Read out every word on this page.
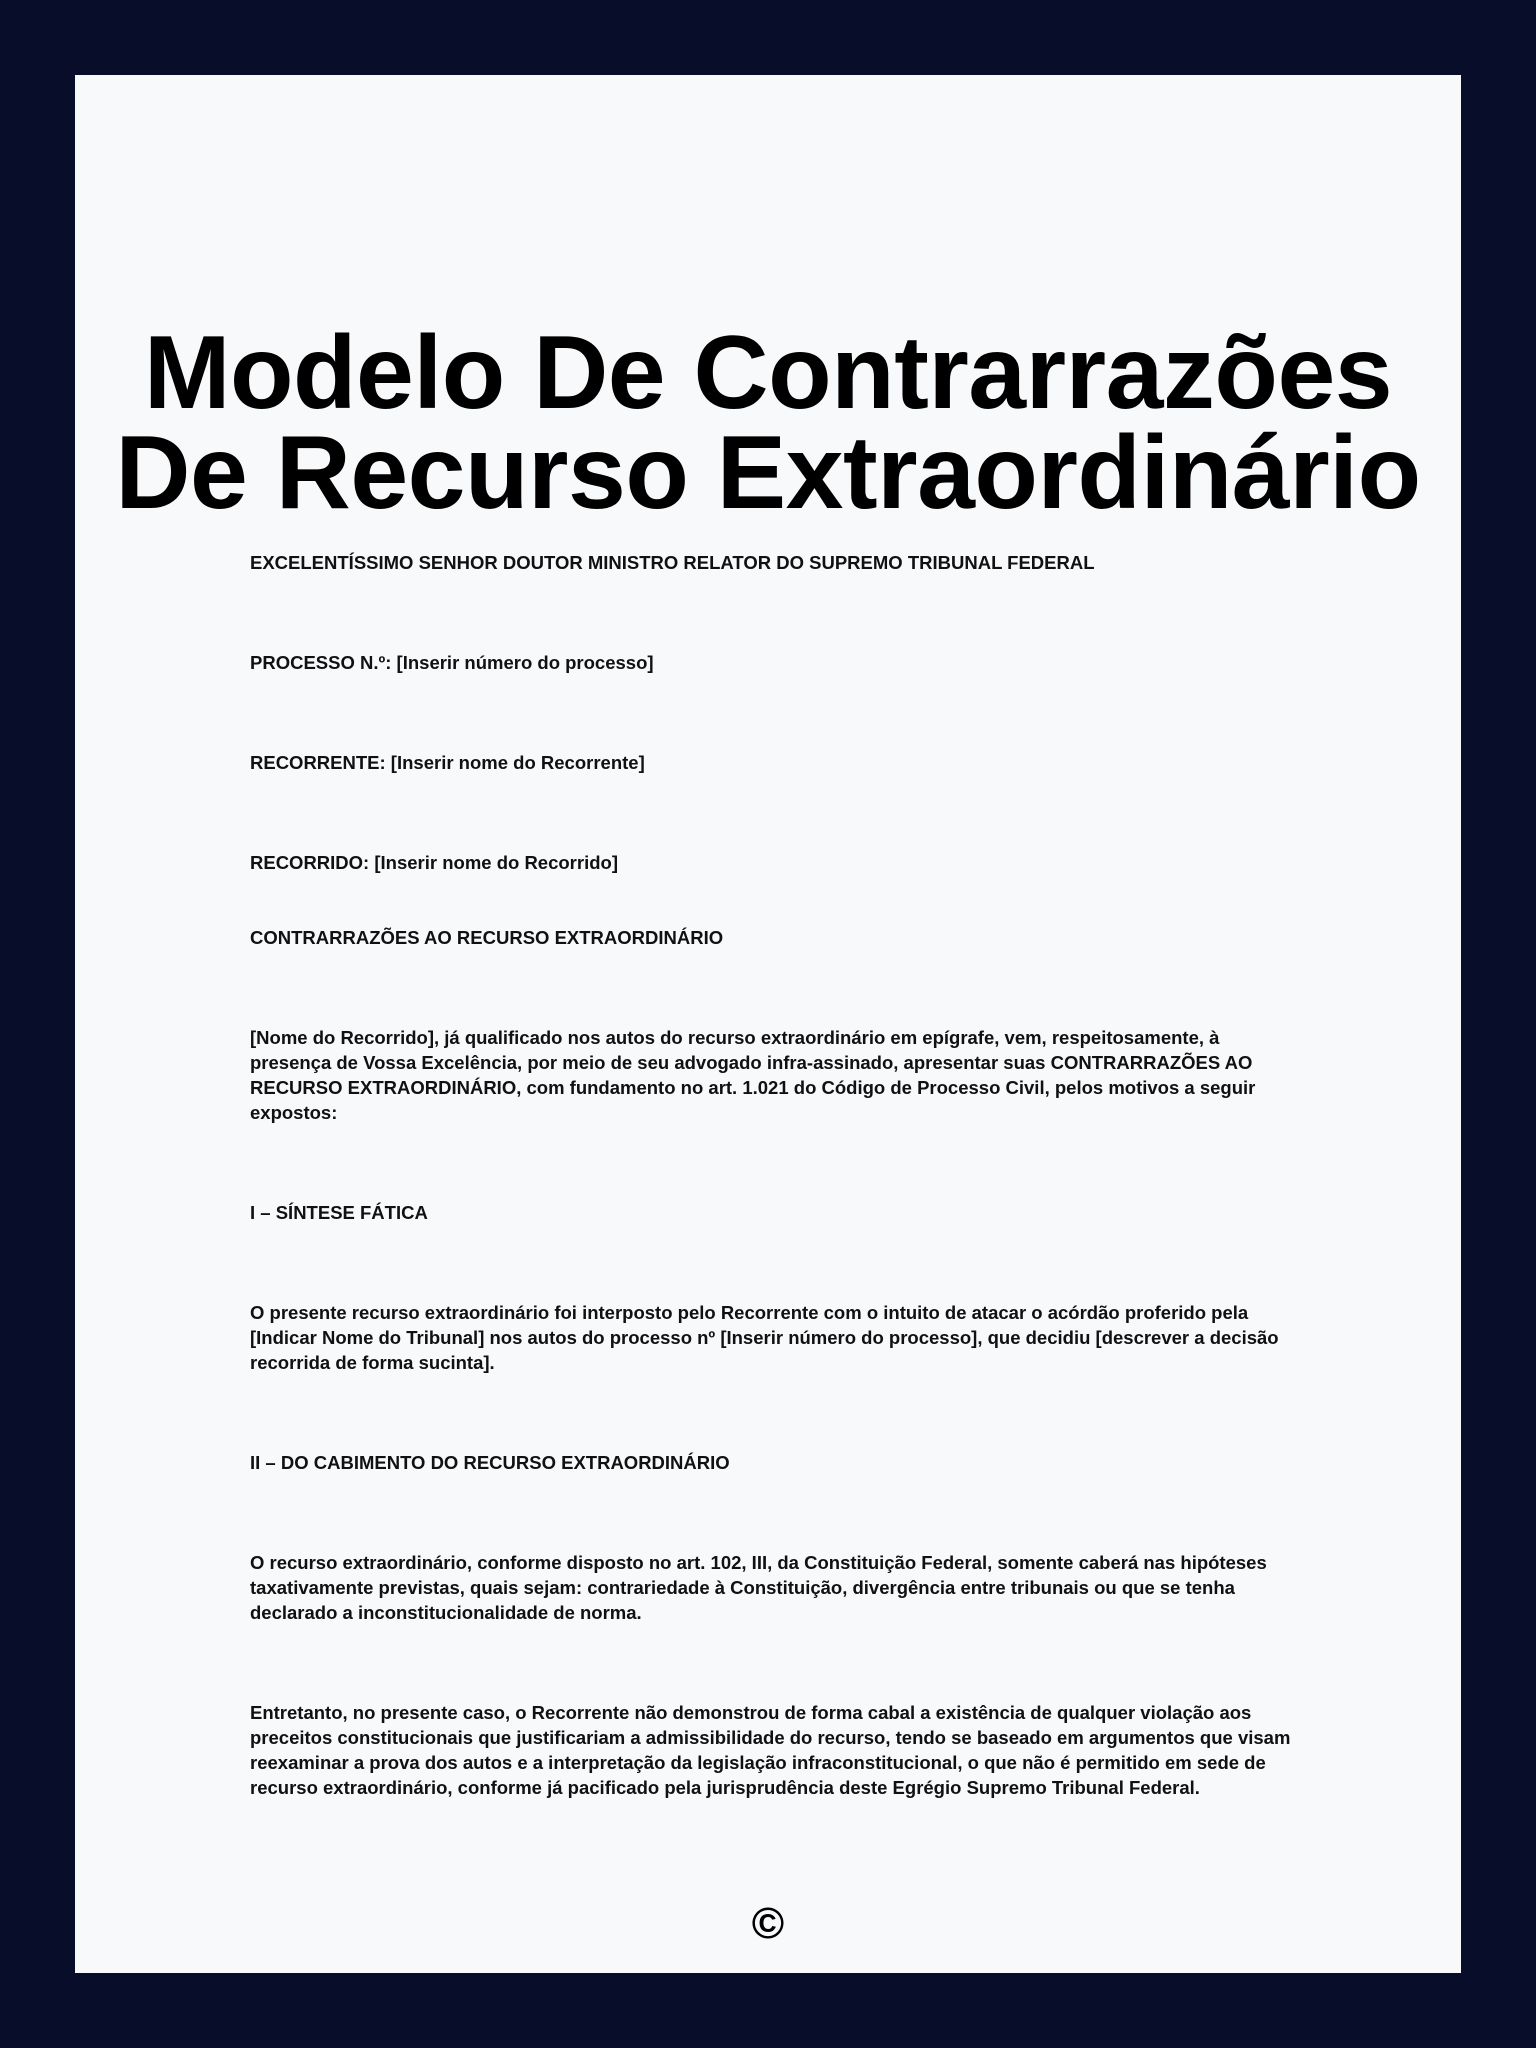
Modelo De Contrarrazões De Recurso Extraordinário

EXCELENTÍSSIMO SENHOR DOUTOR MINISTRO RELATOR DO SUPREMO TRIBUNAL FEDERAL

PROCESSO N.º: [Inserir número do processo]

RECORRENTE: [Inserir nome do Recorrente]

RECORRIDO: [Inserir nome do Recorrido]

CONTRARRAZÕES AO RECURSO EXTRAORDINÁRIO

[Nome do Recorrido], já qualificado nos autos do recurso extraordinário em epígrafe, vem, respeitosamente, à presença de Vossa Excelência, por meio de seu advogado infra-assinado, apresentar suas CONTRARRAZÕES AO RECURSO EXTRAORDINÁRIO, com fundamento no art. 1.021 do Código de Processo Civil, pelos motivos a seguir expostos:

I – SÍNTESE FÁTICA

O presente recurso extraordinário foi interposto pelo Recorrente com o intuito de atacar o acórdão proferido pela [Indicar Nome do Tribunal] nos autos do processo nº [Inserir número do processo], que decidiu [descrever a decisão recorrida de forma sucinta].

II – DO CABIMENTO DO RECURSO EXTRAORDINÁRIO

O recurso extraordinário, conforme disposto no art. 102, III, da Constituição Federal, somente caberá nas hipóteses taxativamente previstas, quais sejam: contrariedade à Constituição, divergência entre tribunais ou que se tenha declarado a inconstitucionalidade de norma.

Entretanto, no presente caso, o Recorrente não demonstrou de forma cabal a existência de qualquer violação aos preceitos constitucionais que justificariam a admissibilidade do recurso, tendo se baseado em argumentos que visam reexaminar a prova dos autos e a interpretação da legislação infraconstitucional, o que não é permitido em sede de recurso extraordinário, conforme já pacificado pela jurisprudência deste Egrégio Supremo Tribunal Federal.

©
